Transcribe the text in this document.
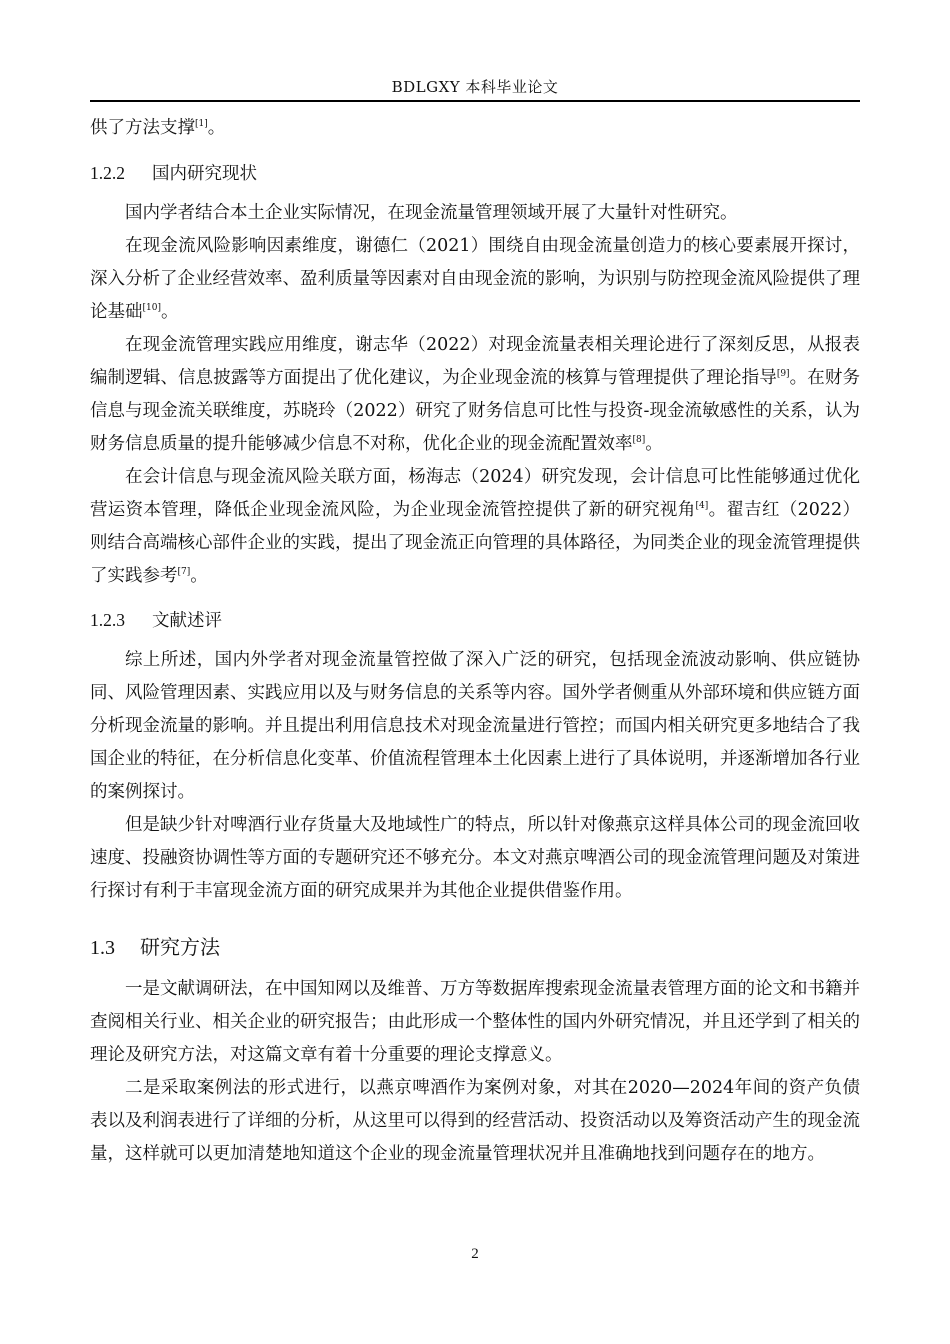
BDLGXY 本科毕业论文

供了方法支撑[1]。

1.2.2 国内研究现状

国内学者结合本土企业实际情况，在现金流量管理领域开展了大量针对性研究。

在现金流风险影响因素维度，谢德仁（2021）围绕自由现金流量创造力的核心要素展开探讨，深入分析了企业经营效率、盈利质量等因素对自由现金流的影响，为识别与防控现金流风险提供了理论基础[10]。

在现金流管理实践应用维度，谢志华（2022）对现金流量表相关理论进行了深刻反思，从报表编制逻辑、信息披露等方面提出了优化建议，为企业现金流的核算与管理提供了理论指导[9]。在财务信息与现金流关联维度，苏晓玲（2022）研究了财务信息可比性与投资-现金流敏感性的关系，认为财务信息质量的提升能够减少信息不对称，优化企业的现金流配置效率[8]。

在会计信息与现金流风险关联方面，杨海志（2024）研究发现，会计信息可比性能够通过优化营运资本管理，降低企业现金流风险，为企业现金流管控提供了新的研究视角[4]。翟吉红（2022）则结合高端核心部件企业的实践，提出了现金流正向管理的具体路径，为同类企业的现金流管理提供了实践参考[7]。

1.2.3 文献述评

综上所述，国内外学者对现金流量管控做了深入广泛的研究，包括现金流波动影响、供应链协同、风险管理因素、实践应用以及与财务信息的关系等内容。国外学者侧重从外部环境和供应链方面分析现金流量的影响。并且提出利用信息技术对现金流量进行管控；而国内相关研究更多地结合了我国企业的特征，在分析信息化变革、价值流程管理本土化因素上进行了具体说明，并逐渐增加各行业的案例探讨。

但是缺少针对啤酒行业存货量大及地域性广的特点，所以针对像燕京这样具体公司的现金流回收速度、投融资协调性等方面的专题研究还不够充分。本文对燕京啤酒公司的现金流管理问题及对策进行探讨有利于丰富现金流方面的研究成果并为其他企业提供借鉴作用。

1.3 研究方法

一是文献调研法，在中国知网以及维普、万方等数据库搜索现金流量表管理方面的论文和书籍并查阅相关行业、相关企业的研究报告；由此形成一个整体性的国内外研究情况，并且还学到了相关的理论及研究方法，对这篇文章有着十分重要的理论支撑意义。

二是采取案例法的形式进行，以燕京啤酒作为案例对象，对其在2020—2024年间的资产负债表以及利润表进行了详细的分析，从这里可以得到的经营活动、投资活动以及筹资活动产生的现金流量，这样就可以更加清楚地知道这个企业的现金流量管理状况并且准确地找到问题存在的地方。

2
